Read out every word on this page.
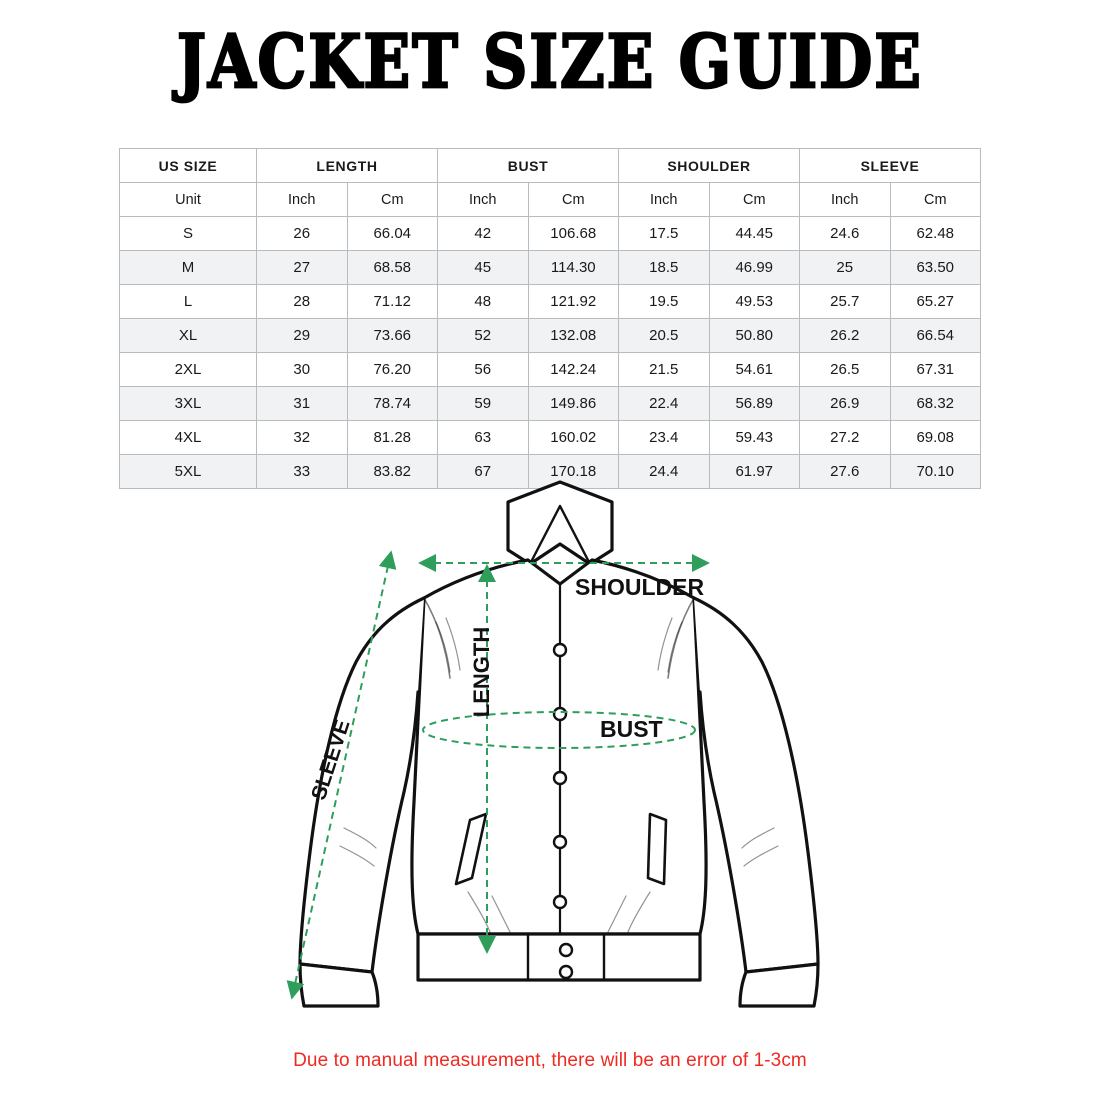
JACKET SIZE GUIDE
US SIZE	LENGTH		BUST		SHOULDER		SLEEVE	
Unit	Inch	Cm	Inch	Cm	Inch	Cm	Inch	Cm
S	26	66.04	42	106.68	17.5	44.45	24.6	62.48
M	27	68.58	45	114.30	18.5	46.99	25	63.50
L	28	71.12	48	121.92	19.5	49.53	25.7	65.27
XL	29	73.66	52	132.08	20.5	50.80	26.2	66.54
2XL	30	76.20	56	142.24	21.5	54.61	26.5	67.31
3XL	31	78.74	59	149.86	22.4	56.89	26.9	68.32
4XL	32	81.28	63	160.02	23.4	59.43	27.2	69.08
5XL	33	83.82	67	170.18	24.4	61.97	27.6	70.10
SHOULDER
BUST
LENGTH
SLEEVE
Due to manual measurement, there will be an error of 1-3cm
